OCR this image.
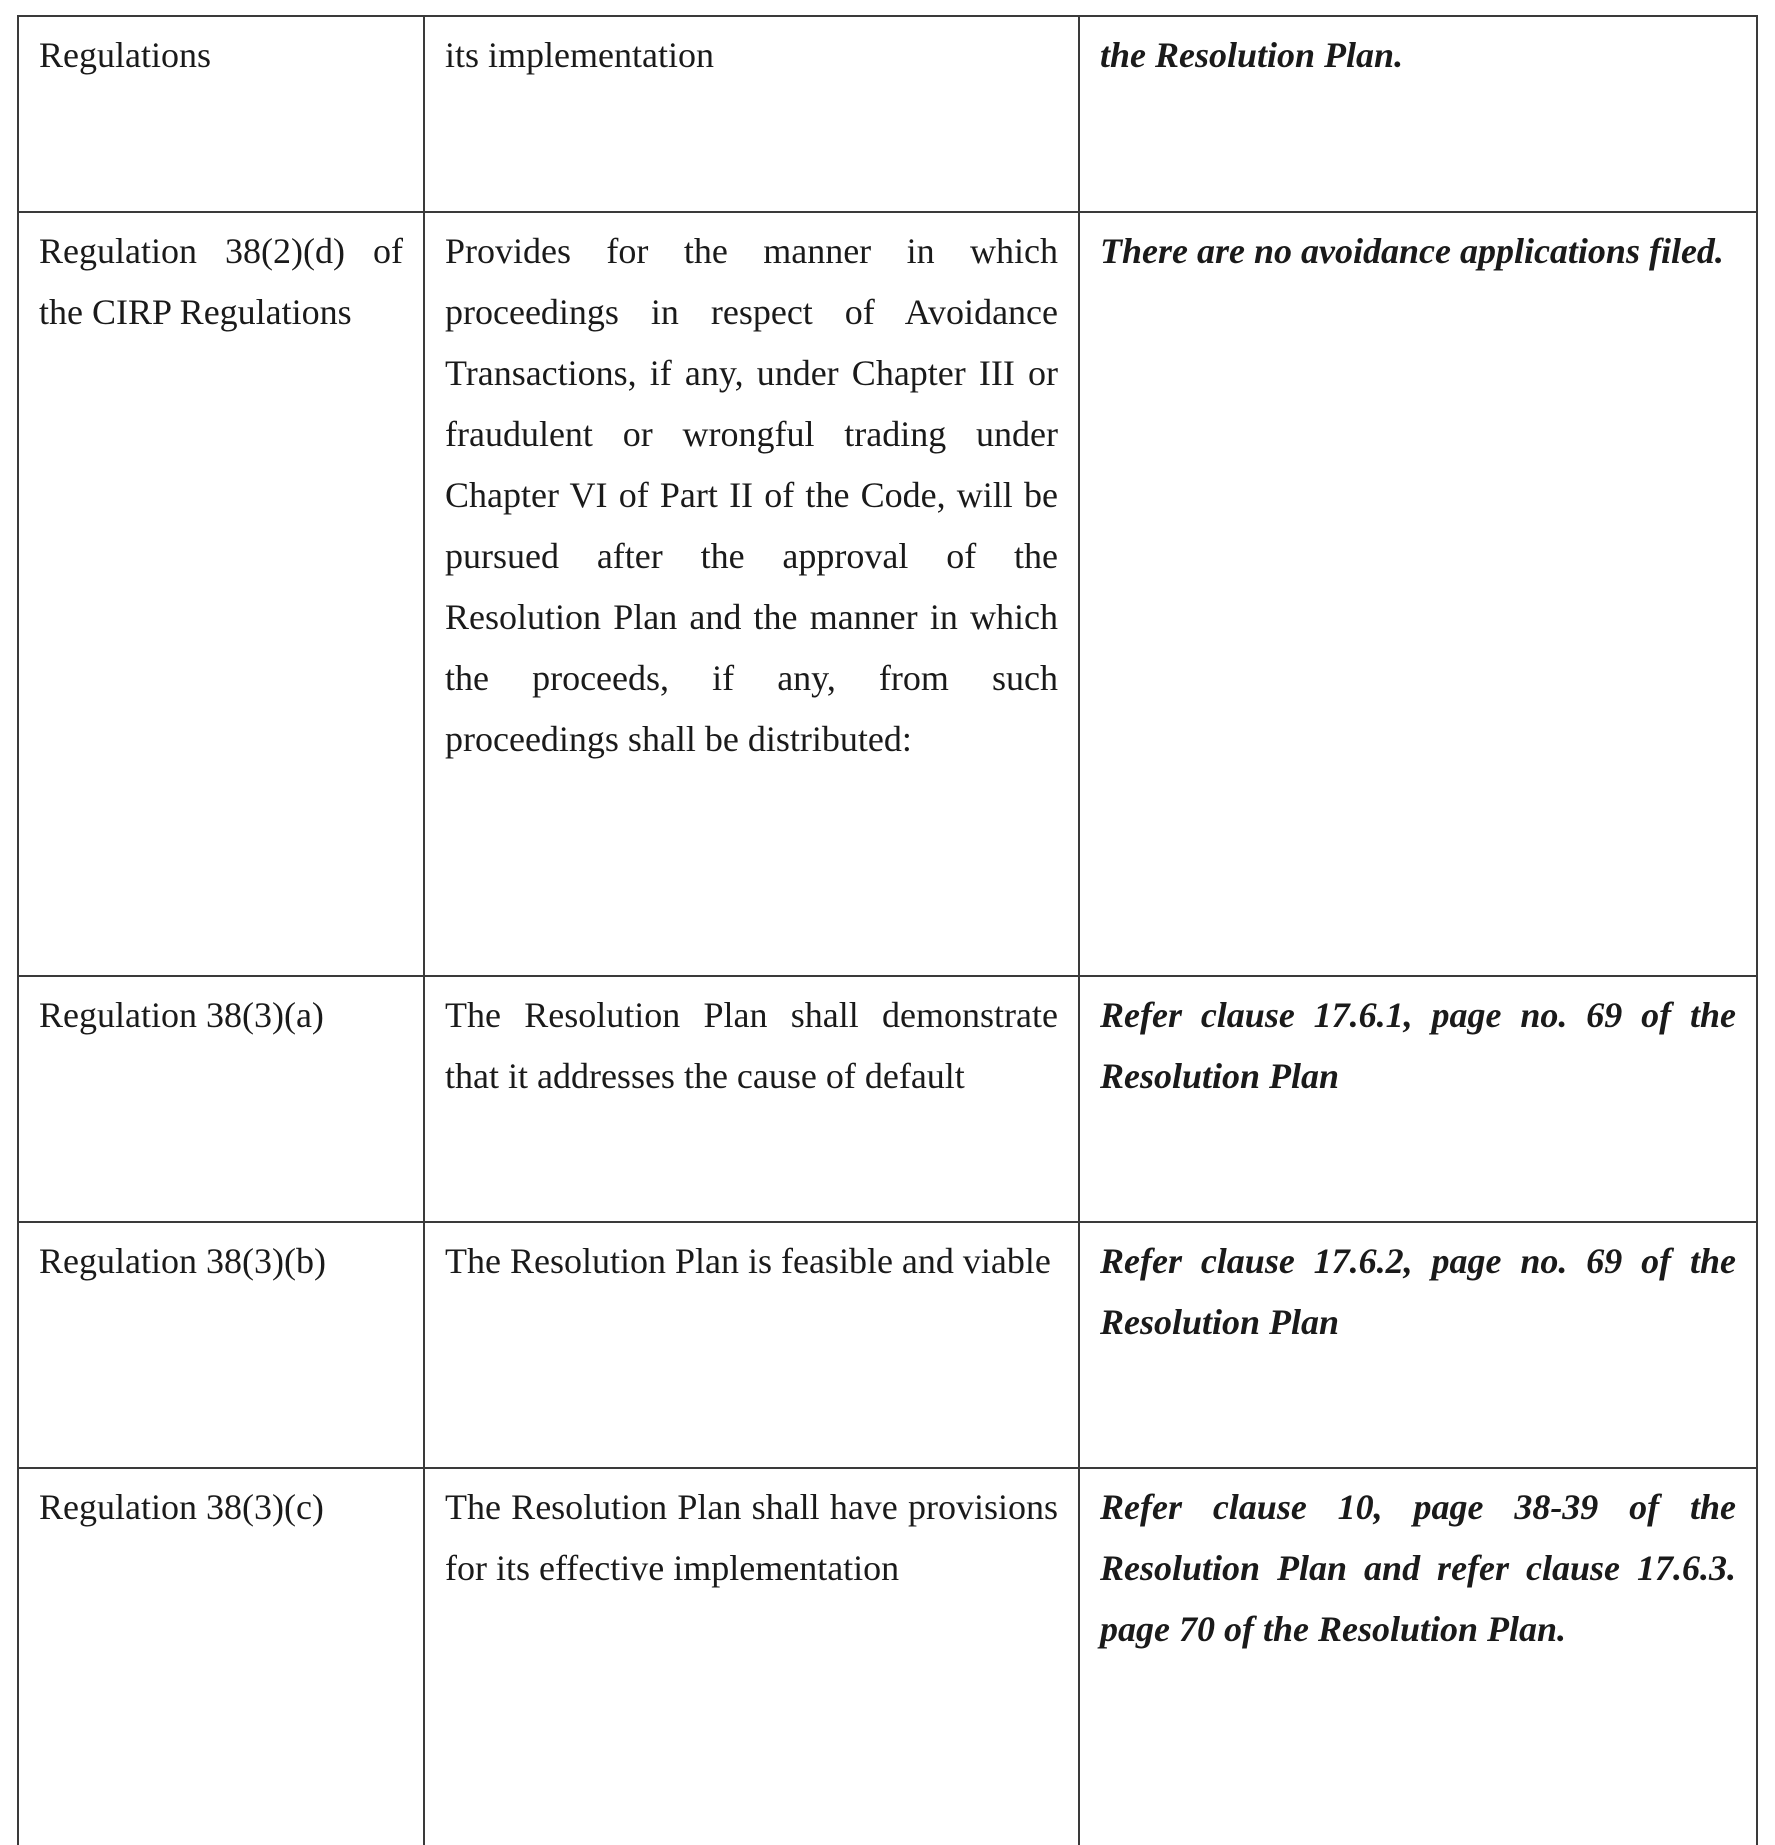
Regulations	its implementation	the Resolution Plan.
Regulation 38(2)(d) of the CIRP Regulations	Provides for the manner in which proceedings in respect of Avoidance Transactions, if any, under Chapter III or fraudulent or wrongful trading under Chapter VI of Part II of the Code, will be pursued after the approval of the Resolution Plan and the manner in which the proceeds, if any, from such proceedings shall be distributed:	There are no avoidance applications filed.
Regulation 38(3)(a)	The Resolution Plan shall demonstrate that it addresses the cause of default	Refer clause 17.6.1, page no. 69 of the Resolution Plan
Regulation 38(3)(b)	The Resolution Plan is feasible and viable	Refer clause 17.6.2, page no. 69 of the Resolution Plan
Regulation 38(3)(c)	The Resolution Plan shall have provisions for its effective implementation	Refer clause 10, page 38-39 of the Resolution Plan and refer clause 17.6.3. page 70 of the Resolution Plan.
